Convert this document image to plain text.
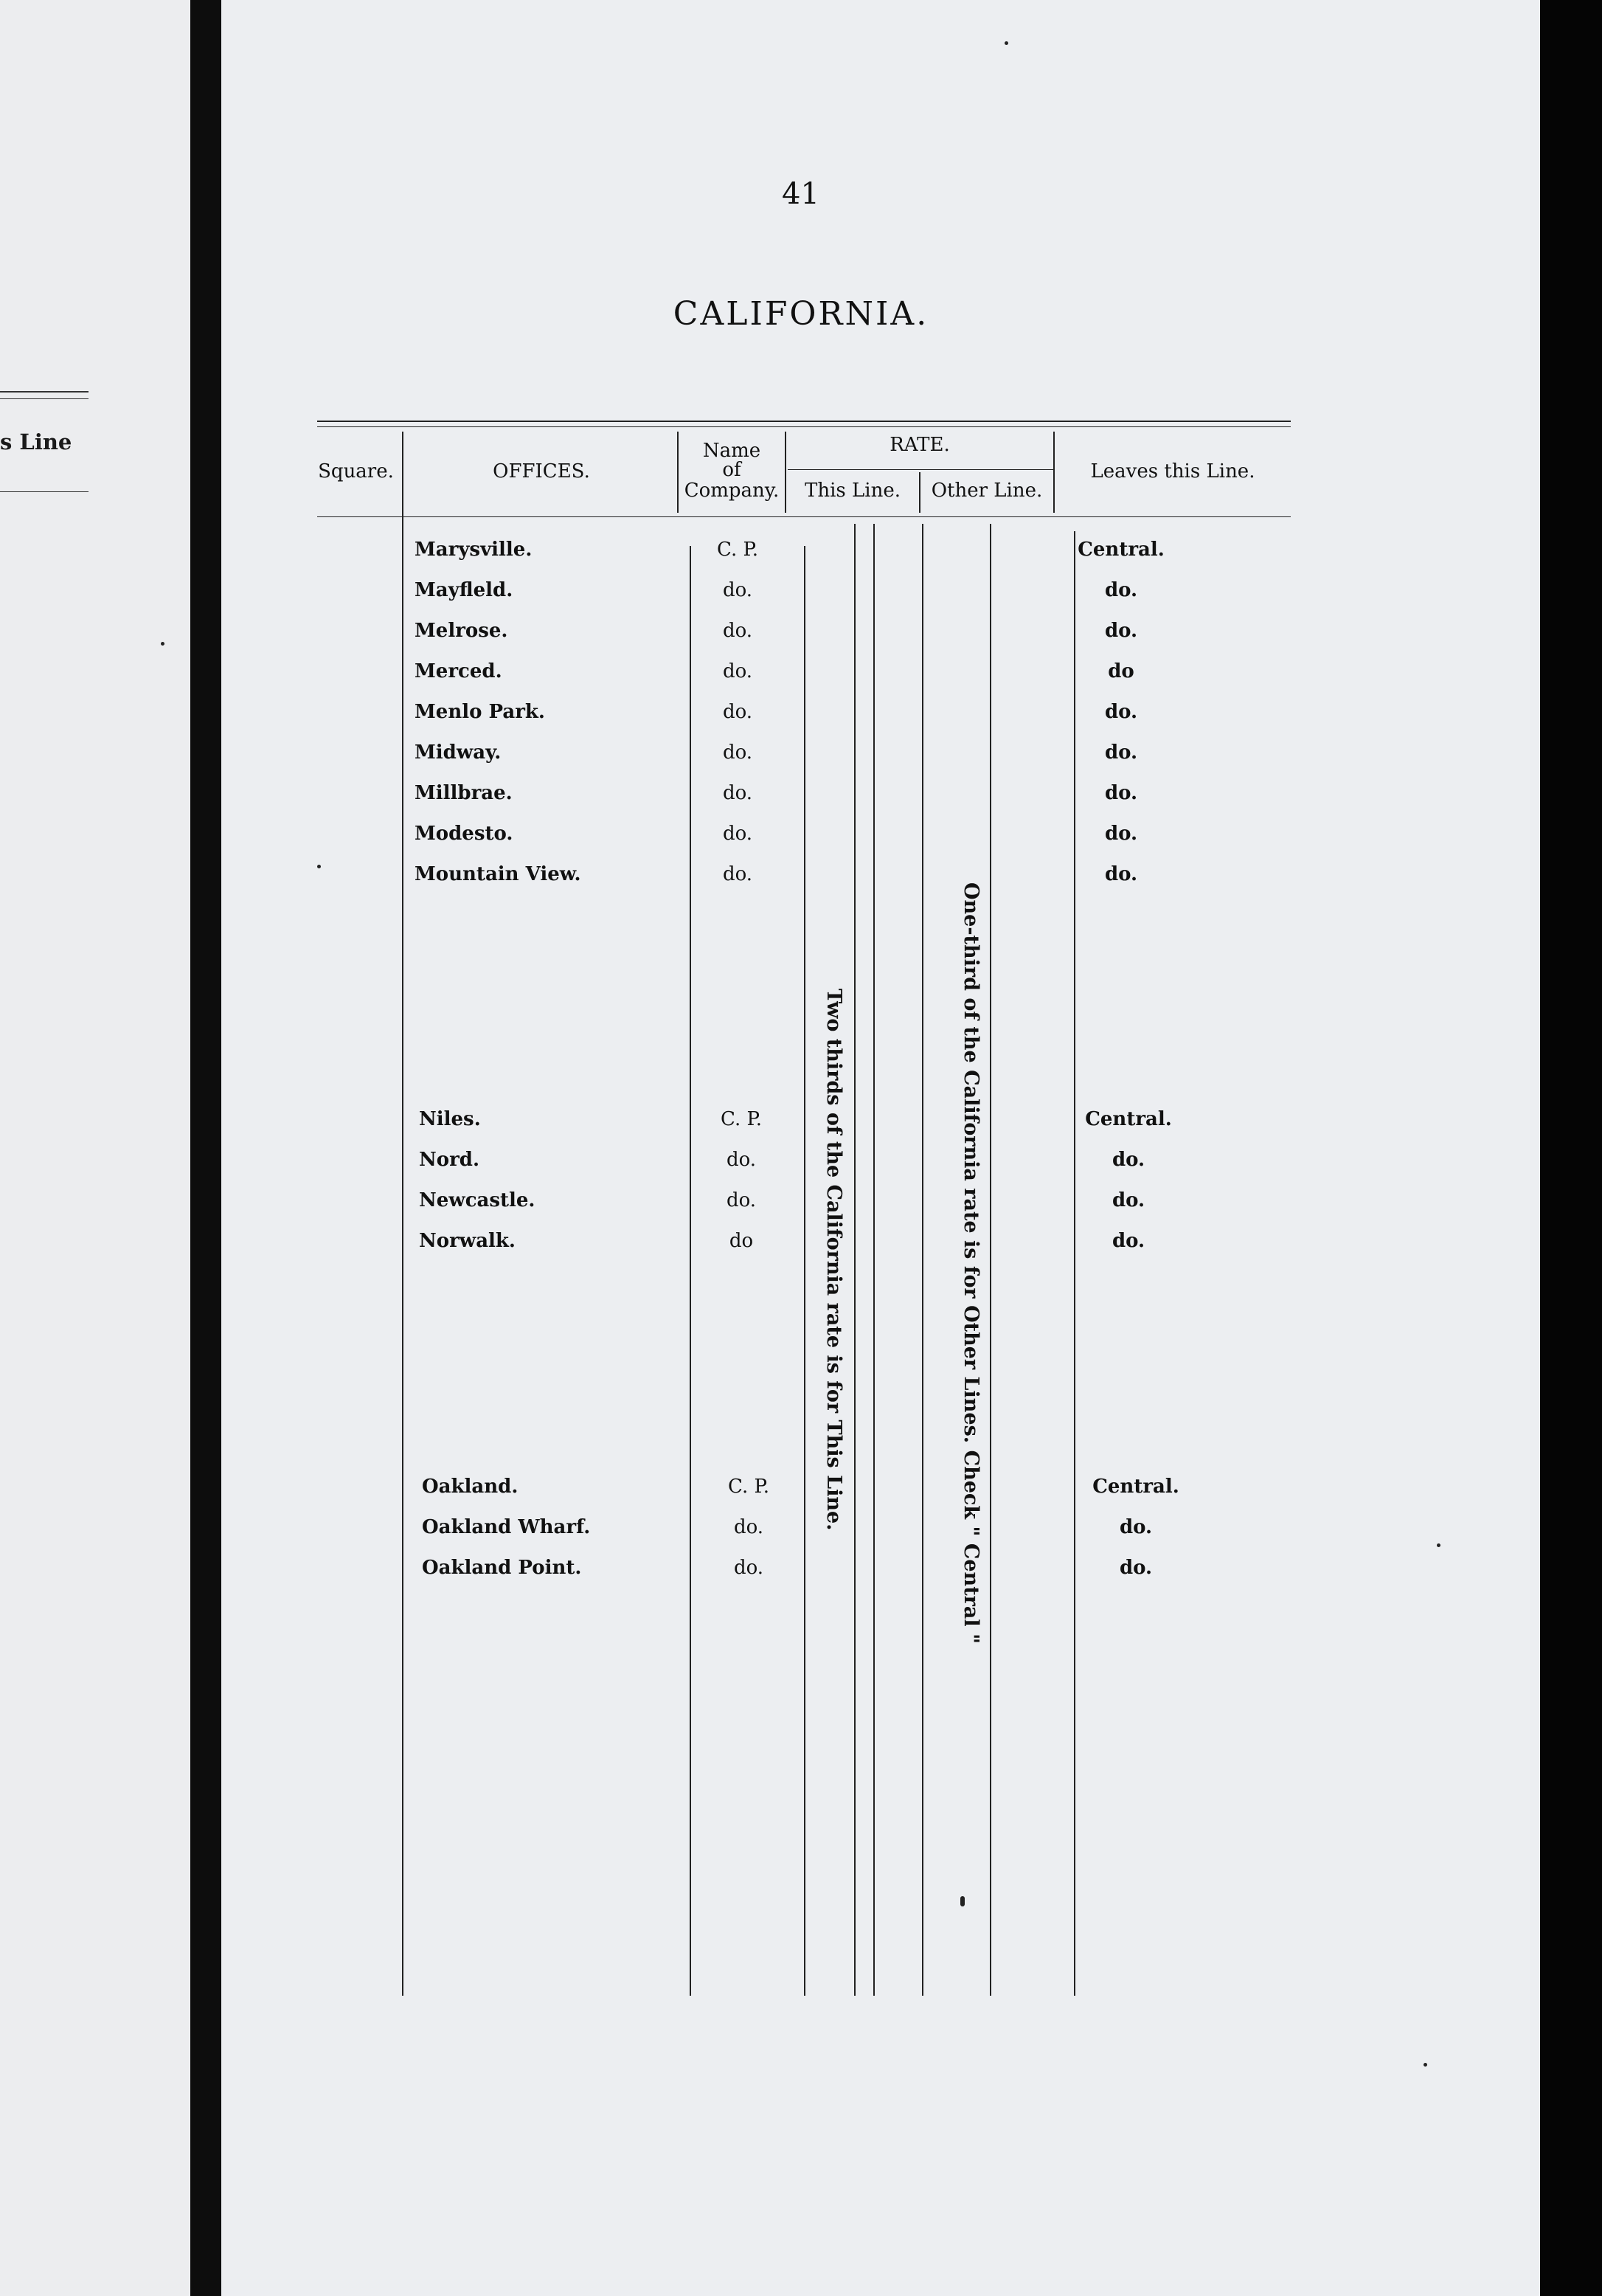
s Line
41
CALIFORNIA.
Square.	OFFICES.
Name
of
Company.
RATE.
This Line.	Other Line.
Leaves this Line.
Marysville.	C. P.	Central.
Mayfleld.	do.	do.
Melrose.	do.	do.
Merced.	do.	do
Menlo Park.	do.	do.
Midway.	do.	do.
Millbrae.	do.	do.
Modesto.	do.	do.
Mountain View.	do.	do.
Niles.	C. P.	Central.
Nord.	do.	do.
Newcastle.	do.	do.
Norwalk.	do	do.
Oakland.	C. P.	Central.
Oakland Wharf.	do.	do.
Oakland Point.	do.	do.
Two thirds of the California rate is for This Line.	One-third of the California rate is for Other Lines. Check " Central "
